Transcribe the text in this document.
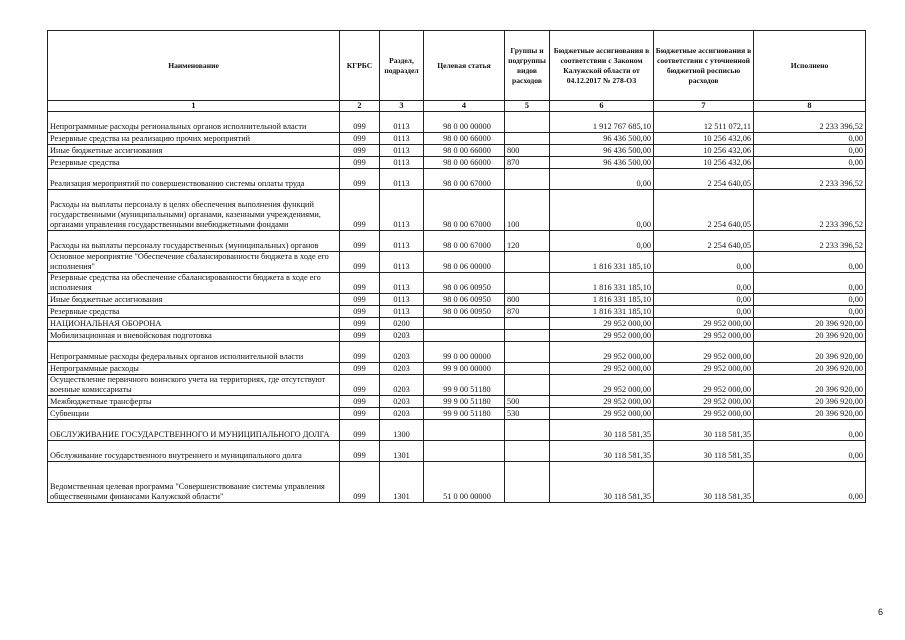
Наименование	КГРБС	Раздел, подраздел	Целевая статья	Группы и подгруппы видов расходов	Бюджетные ассигнования в соответствии с Законом Калужской области от 04.12.2017 № 278-ОЗ	Бюджетные ассигнования в соответствии с уточненной бюджетной росписью расходов	Исполнено
1	2	3	4	5	6	7	8
Непрограммные расходы региональных органов исполнительной власти	099	0113	98 0 00 00000		1 912 767 685,10	12 511 072,11	2 233 396,52
Резервные средства на реализацию прочих мероприятий	099	0113	98 0 00 66000		96 436 500,00	10 256 432,06	0,00
Иные бюджетные ассигнования	099	0113	98 0 00 66000	800	96 436 500,00	10 256 432,06	0,00
Резервные средства	099	0113	98 0 00 66000	870	96 436 500,00	10 256 432,06	0,00
Реализация мероприятий по совершенствованию системы оплаты труда	099	0113	98 0 00 67000		0,00	2 254 640,05	2 233 396,52
Расходы на выплаты персоналу в целях обеспечения выполнения функций государственными (муниципальными) органами, казенными учреждениями, органами управления государственными внебюджетными фондами	099	0113	98 0 00 67000	100	0,00	2 254 640,05	2 233 396,52
Расходы на выплаты персоналу государственных (муниципальных) органов	099	0113	98 0 00 67000	120	0,00	2 254 640,05	2 233 396,52
Основное мероприятие "Обеспечение сбалансированности бюджета в ходе его исполнения"	099	0113	98 0 06 00000		1 816 331 185,10	0,00	0,00
Резервные средства на обеспечение сбалансированности бюджета в ходе его исполнения	099	0113	98 0 06 00950		1 816 331 185,10	0,00	0,00
Иные бюджетные ассигнования	099	0113	98 0 06 00950	800	1 816 331 185,10	0,00	0,00
Резервные средства	099	0113	98 0 06 00950	870	1 816 331 185,10	0,00	0,00
НАЦИОНАЛЬНАЯ ОБОРОНА	099	0200			29 952 000,00	29 952 000,00	20 396 920,00
Мобилизационная и вневойсковая подготовка	099	0203			29 952 000,00	29 952 000,00	20 396 920,00
Непрограммные расходы федеральных органов исполнительной власти	099	0203	99 0 00 00000		29 952 000,00	29 952 000,00	20 396 920,00
Непрограммные расходы	099	0203	99 9 00 00000		29 952 000,00	29 952 000,00	20 396 920,00
Осуществление первичного воинского учета на территориях, где отсутствуют военные комиссариаты	099	0203	99 9 00 51180		29 952 000,00	29 952 000,00	20 396 920,00
Межбюджетные трансферты	099	0203	99 9 00 51180	500	29 952 000,00	29 952 000,00	20 396 920,00
Субвенции	099	0203	99 9 00 51180	530	29 952 000,00	29 952 000,00	20 396 920,00
ОБСЛУЖИВАНИЕ ГОСУДАРСТВЕННОГО И МУНИЦИПАЛЬНОГО ДОЛГА	099	1300			30 118 581,35	30 118 581,35	0,00
Обслуживание государственного внутреннего и муниципального долга	099	1301			30 118 581,35	30 118 581,35	0,00
Ведомственная целевая программа "Совершенствование системы управления общественными финансами Калужской области"	099	1301	51 0 00 00000		30 118 581,35	30 118 581,35	0,00
6
